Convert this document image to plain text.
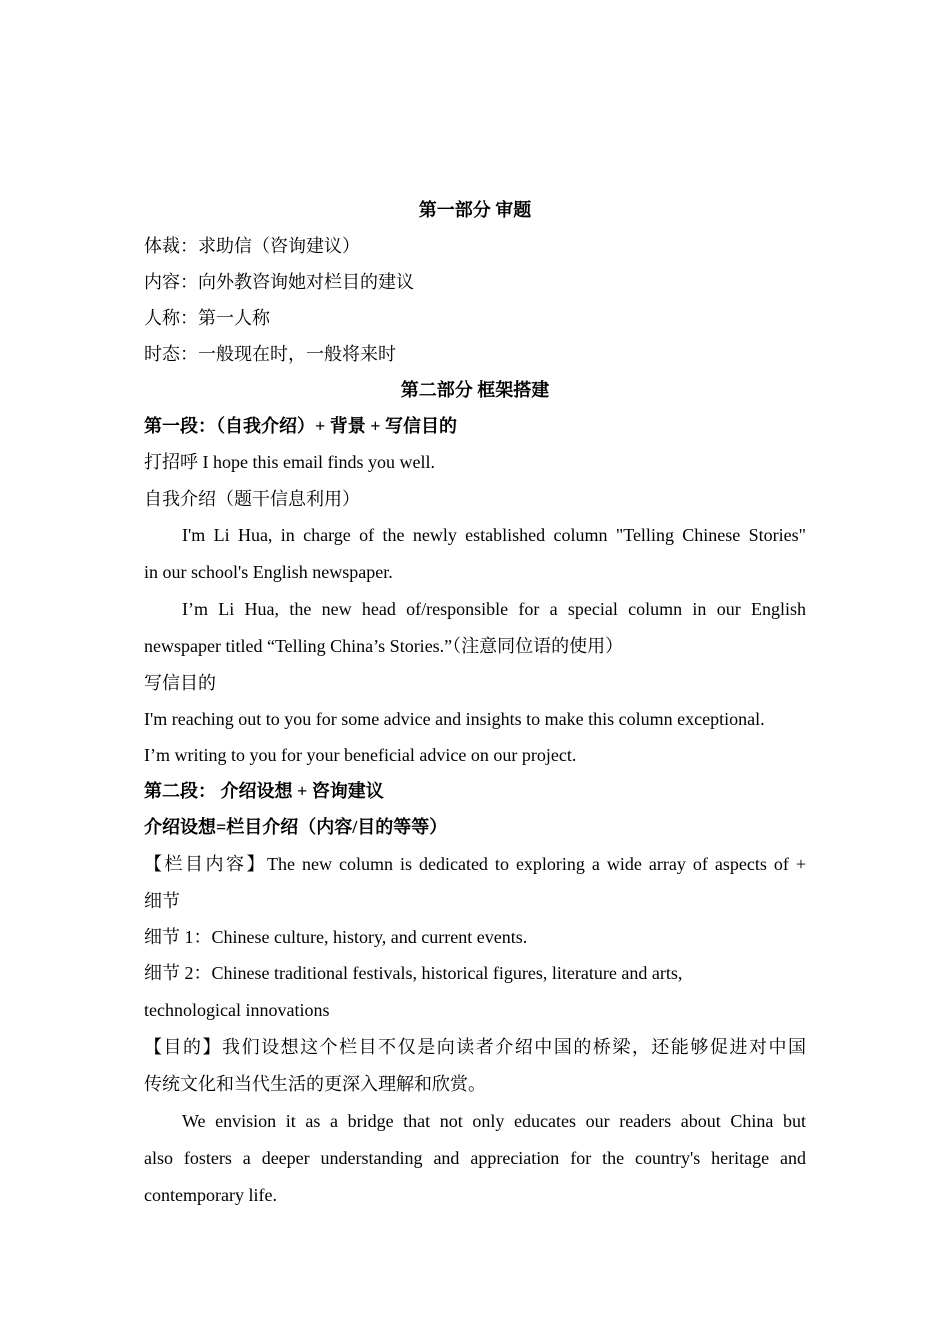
第一部分 审题
体裁：求助信（咨询建议）
内容：向外教咨询她对栏目的建议
人称：第一人称
时态：一般现在时，一般将来时
第二部分 框架搭建
第一段：（自我介绍）+ 背景 + 写信目的
打招呼 I hope this email finds you well.
自我介绍（题干信息利用）
I'm Li Hua, in charge of the newly established column "Telling Chinese Stories"
in our school's English newspaper.
I’m Li Hua, the new head of/responsible for a special column in our English
newspaper titled “Telling China’s Stories.”（注意同位语的使用）
写信目的
I'm reaching out to you for some advice and insights to make this column exceptional.
I’m writing to you for your beneficial advice on our project.
第二段： 介绍设想 + 咨询建议
介绍设想=栏目介绍（内容/目的等等）
【栏目内容】The new column is dedicated to exploring a wide array of aspects of +
细节
细节 1：Chinese culture, history, and current events.
细节 2：Chinese traditional festivals, historical figures, literature and arts,
technological innovations
【目的】我们设想这个栏目不仅是向读者介绍中国的桥梁，还能够促进对中国
传统文化和当代生活的更深入理解和欣赏。
We envision it as a bridge that not only educates our readers about China but
also fosters a deeper understanding and appreciation for the country's heritage and
contemporary life.
